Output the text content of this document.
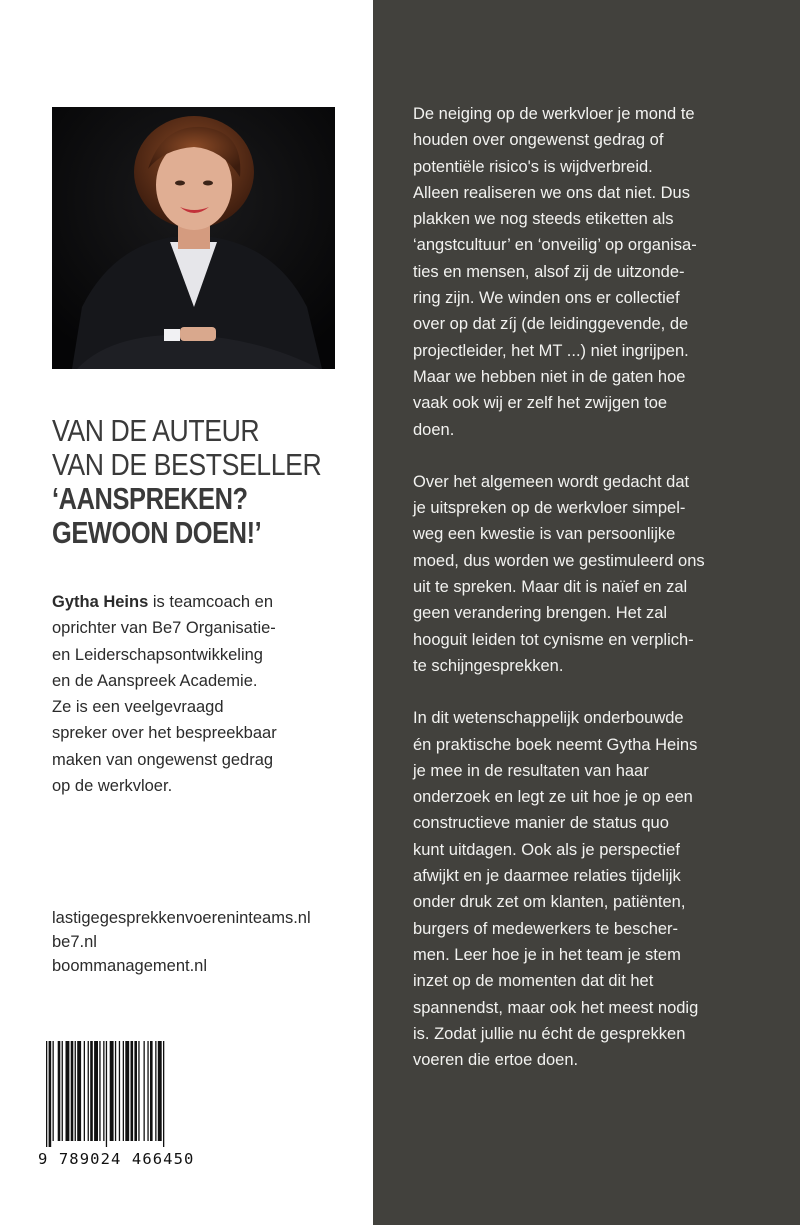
VAN DE AUTEUR
VAN DE BESTSELLER
‘AANSPREKEN?
GEWOON DOEN!’
Gytha Heins is teamcoach en
oprichter van Be7 Organisatie-
en Leiderschapsontwikkeling
en de Aanspreek Academie.
Ze is een veelgevraagd
spreker over het bespreekbaar
maken van ongewenst gedrag
op de werkvloer.
lastigegesprekkenvoereninteams.nl
be7.nl
boommanagement.nl
9 789024 466450
De neiging op de werkvloer je mond te
houden over ongewenst gedrag of
potentiële risico's is wijdverbreid.
Alleen realiseren we ons dat niet. Dus
plakken we nog steeds etiketten als
‘angstcultuur’ en ‘onveilig’ op organisa-
ties en mensen, alsof zij de uitzonde-
ring zijn. We winden ons er collectief
over op dat zíj (de leidinggevende, de
projectleider, het MT ...) niet ingrijpen.
Maar we hebben niet in de gaten hoe
vaak ook wij er zelf het zwijgen toe
doen.
Over het algemeen wordt gedacht dat
je uitspreken op de werkvloer simpel-
weg een kwestie is van persoonlijke
moed, dus worden we gestimuleerd ons
uit te spreken. Maar dit is naïef en zal
geen verandering brengen. Het zal
hooguit leiden tot cynisme en verplich-
te schijngesprekken.
In dit wetenschappelijk onderbouwde
én praktische boek neemt Gytha Heins
je mee in de resultaten van haar
onderzoek en legt ze uit hoe je op een
constructieve manier de status quo
kunt uitdagen. Ook als je perspectief
afwijkt en je daarmee relaties tijdelijk
onder druk zet om klanten, patiënten,
burgers of medewerkers te bescher-
men. Leer hoe je in het team je stem
inzet op de momenten dat dit het
spannendst, maar ook het meest nodig
is. Zodat jullie nu écht de gesprekken
voeren die ertoe doen.
